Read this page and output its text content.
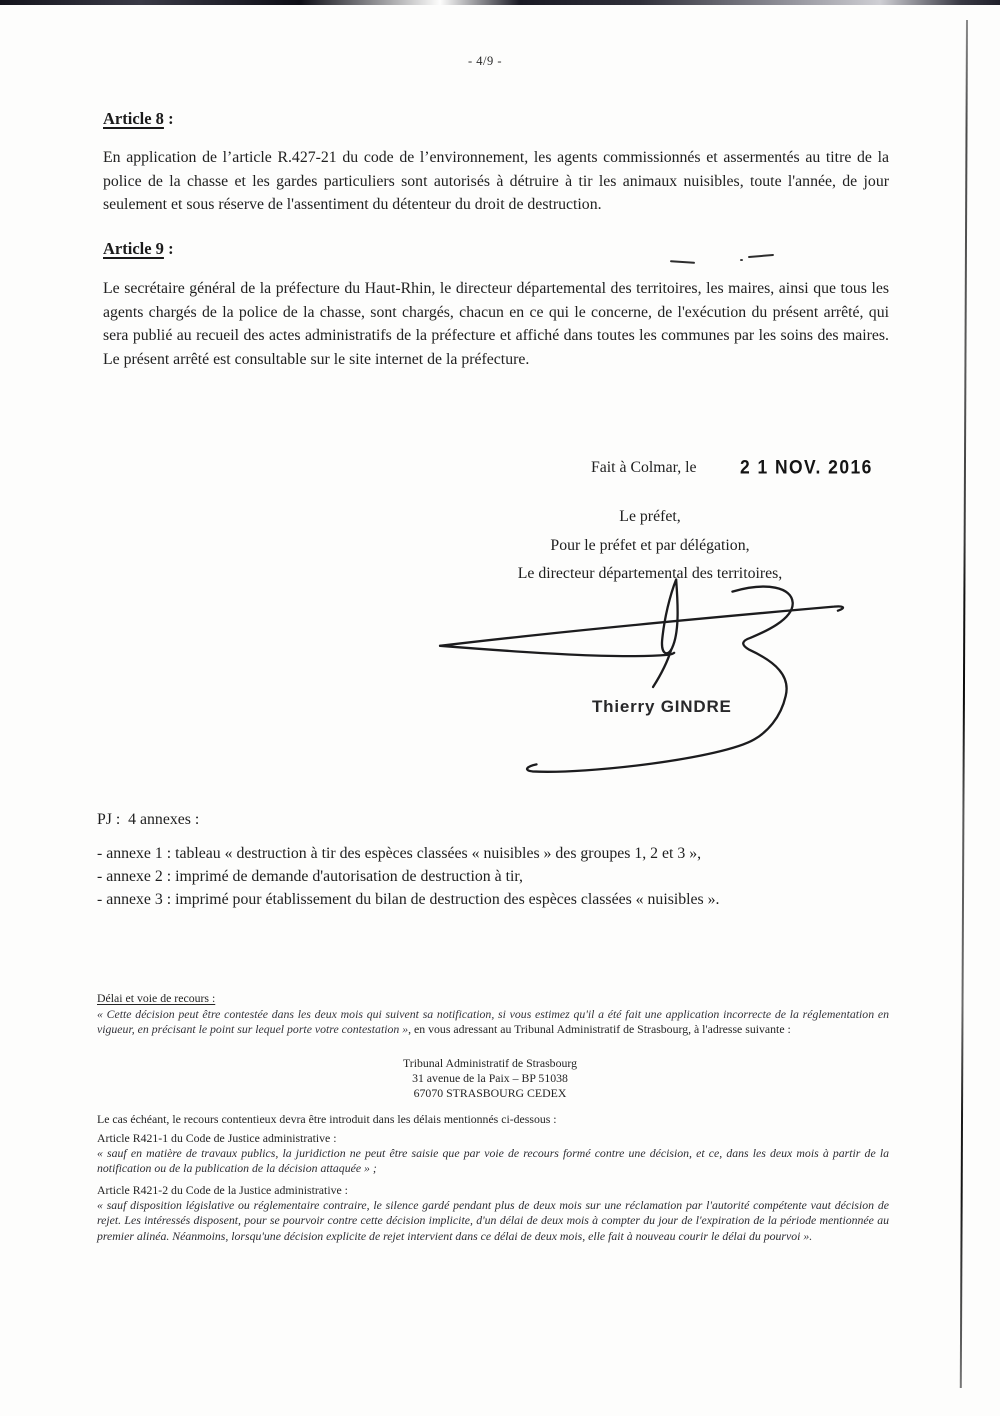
- 4/9 -
Article 8 :
En application de l’article R.427-21 du code de l’environnement, les agents commissionnés et assermentés au titre de la police de la chasse et les gardes particuliers sont autorisés à détruire à tir les animaux nuisibles, toute l'année, de jour seulement et sous réserve de l'assentiment du détenteur du droit de destruction.
Article 9 :
Le secrétaire général de la préfecture du Haut-Rhin, le directeur départemental des territoires, les maires, ainsi que tous les agents chargés de la police de la chasse, sont chargés, chacun en ce qui le concerne, de l'exécution du présent arrêté, qui sera publié au recueil des actes administratifs de la préfecture et affiché dans toutes les communes par les soins des maires. Le présent arrêté est consultable sur le site internet de la préfecture.
Fait à Colmar, le 2 1 NOV. 2016
Le préfet,
Pour le préfet et par délégation,
Le directeur départemental des territoires,
Thierry GINDRE
PJ :  4 annexes :
- annexe 1 : tableau « destruction à tir des espèces classées « nuisibles » des groupes 1, 2 et 3 »,
- annexe 2 : imprimé de demande d'autorisation de destruction à tir,
- annexe 3 : imprimé pour établissement du bilan de destruction des espèces classées « nuisibles ».
Délai et voie de recours :
« Cette décision peut être contestée dans les deux mois qui suivent sa notification, si vous estimez qu'il a été fait une application incorrecte de la réglementation en vigueur, en précisant le point sur lequel porte votre contestation », en vous adressant au Tribunal Administratif de Strasbourg, à l'adresse suivante :
Tribunal Administratif de Strasbourg
31 avenue de la Paix – BP 51038
67070 STRASBOURG CEDEX
Le cas échéant, le recours contentieux devra être introduit dans les délais mentionnés ci-dessous :
Article R421-1 du Code de Justice administrative :
« sauf en matière de travaux publics, la juridiction ne peut être saisie que par voie de recours formé contre une décision, et ce, dans les deux mois à partir de la notification ou de la publication de la décision attaquée » ;
Article R421-2 du Code de la Justice administrative :
« sauf disposition législative ou réglementaire contraire, le silence gardé pendant plus de deux mois sur une réclamation par l'autorité compétente vaut décision de rejet. Les intéressés disposent, pour se pourvoir contre cette décision implicite, d'un délai de deux mois à compter du jour de l'expiration de la période mentionnée au premier alinéa. Néanmoins, lorsqu'une décision explicite de rejet intervient dans ce délai de deux mois, elle fait à nouveau courir le délai du pourvoi ».
